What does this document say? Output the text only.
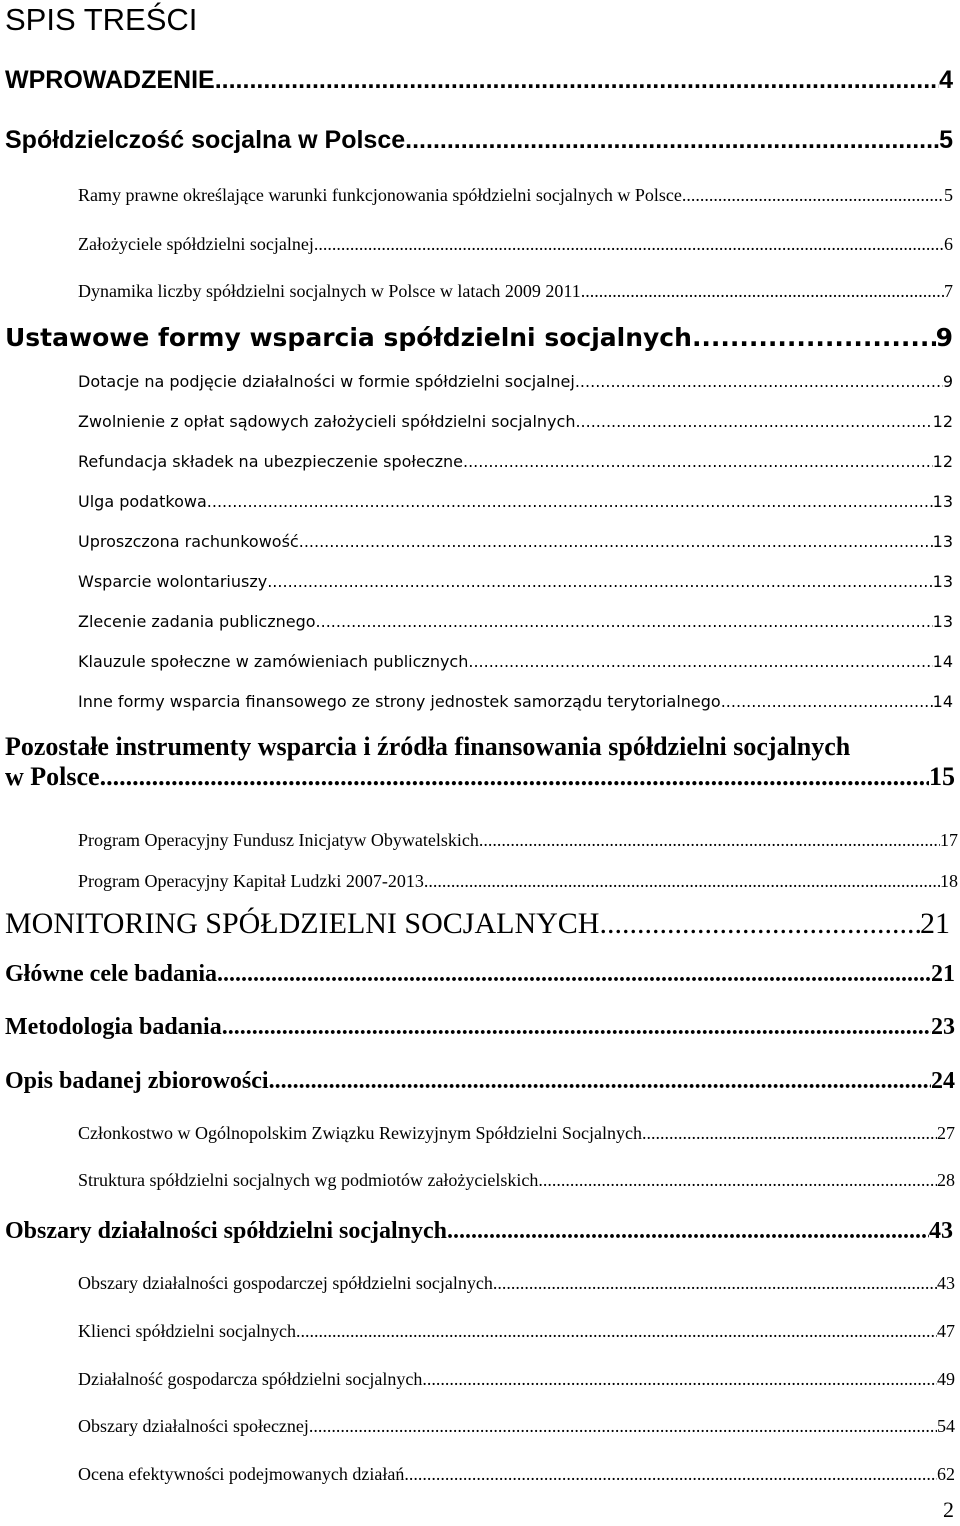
SPIS TREŚCI
WPROWADZENIE .....	4
Spółdzielczość socjalna w Polsce .....	5
Ramy prawne określające warunki funkcjonowania spółdzielni socjalnych w Polsce .....	5
Założyciele spółdzielni socjalnej .....	6
Dynamika liczby spółdzielni socjalnych w Polsce w latach 2009 2011 .....	7
Ustawowe formy wsparcia spółdzielni socjalnych .....	9
Dotacje na podjęcie działalności w formie spółdzielni socjalnej .....	9
Zwolnienie z opłat sądowych założycieli spółdzielni socjalnych .....	12
Refundacja składek na ubezpieczenie społeczne .....	12
Ulga podatkowa .....	13
Uproszczona rachunkowość .....	13
Wsparcie wolontariuszy .....	13
Zlecenie zadania publicznego .....	13
Klauzule społeczne w zamówieniach publicznych .....	14
Inne formy wsparcia finansowego ze strony jednostek samorządu terytorialnego .....	14
Pozostałe instrumenty wsparcia i źródła finansowania spółdzielni socjalnych
w Polsce .....	15
Program Operacyjny Fundusz Inicjatyw Obywatelskich .....	17
Program Operacyjny Kapitał Ludzki 2007-2013 .....	18
MONITORING SPÓŁDZIELNI SOCJALNYCH .....	21
Główne cele badania .....	21
Metodologia badania .....	23
Opis badanej zbiorowości .....	24
Członkostwo w Ogólnopolskim Związku Rewizyjnym Spółdzielni Socjalnych .....	27
Struktura spółdzielni socjalnych wg podmiotów założycielskich .....	28
Obszary działalności spółdzielni socjalnych .....	43
Obszary działalności gospodarczej spółdzielni socjalnych .....	43
Klienci spółdzielni socjalnych .....	47
Działalność gospodarcza spółdzielni socjalnych .....	49
Obszary działalności społecznej .....	54
Ocena efektywności podejmowanych działań .....	62
2
